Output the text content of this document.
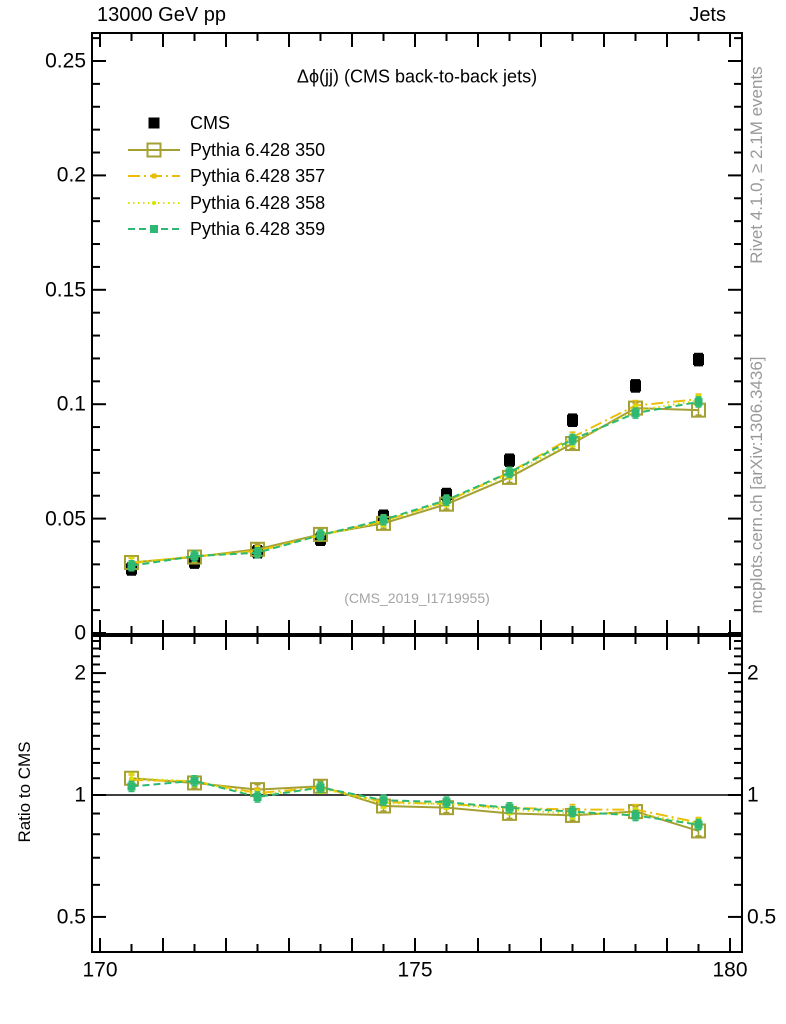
13000 GeV pp	Jets
Δϕ(jj) (CMS back-to-back jets)
CMS
Pythia 6.428 350
Pythia 6.428 357
Pythia 6.428 358
Pythia 6.428 359
(CMS_2019_I1719955)
Rivet 4.1.0, ≥ 2.1M events
mcplots.cern.ch [arXiv:1306.3436]
Ratio to CMS
0
0.05
0.1
0.15
0.2
0.25
0.5	0.5
1	1
2	2
170	175	180
